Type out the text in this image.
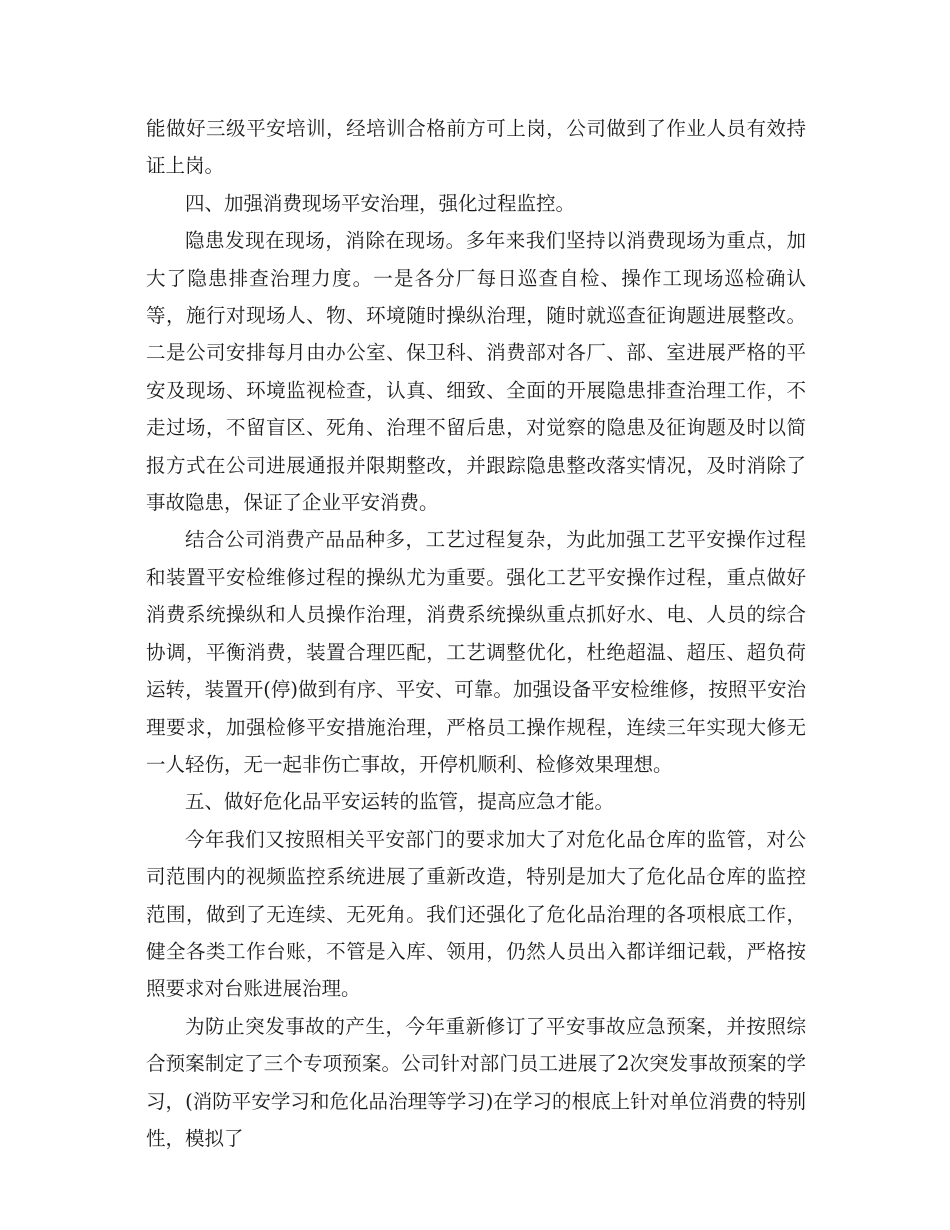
能做好三级平安培训，经培训合格前方可上岗，公司做到了作业人员有效持证上岗。

四、加强消费现场平安治理，强化过程监控。

隐患发现在现场，消除在现场。多年来我们坚持以消费现场为重点，加大了隐患排查治理力度。一是各分厂每日巡查自检、操作工现场巡检确认等，施行对现场人、物、环境随时操纵治理，随时就巡查征询题进展整改。二是公司安排每月由办公室、保卫科、消费部对各厂、部、室进展严格的平安及现场、环境监视检查，认真、细致、全面的开展隐患排查治理工作，不走过场，不留盲区、死角、治理不留后患，对觉察的隐患及征询题及时以简报方式在公司进展通报并限期整改，并跟踪隐患整改落实情况，及时消除了事故隐患，保证了企业平安消费。

结合公司消费产品品种多，工艺过程复杂，为此加强工艺平安操作过程和装置平安检维修过程的操纵尤为重要。强化工艺平安操作过程，重点做好消费系统操纵和人员操作治理，消费系统操纵重点抓好水、电、人员的综合协调，平衡消费，装置合理匹配，工艺调整优化，杜绝超温、超压、超负荷运转，装置开(停)做到有序、平安、可靠。加强设备平安检维修，按照平安治理要求，加强检修平安措施治理，严格员工操作规程，连续三年实现大修无一人轻伤，无一起非伤亡事故，开停机顺利、检修效果理想。

五、做好危化品平安运转的监管，提高应急才能。

今年我们又按照相关平安部门的要求加大了对危化品仓库的监管，对公司范围内的视频监控系统进展了重新改造，特别是加大了危化品仓库的监控范围，做到了无连续、无死角。我们还强化了危化品治理的各项根底工作，健全各类工作台账，不管是入库、领用，仍然人员出入都详细记载，严格按照要求对台账进展治理。

为防止突发事故的产生，今年重新修订了平安事故应急预案，并按照综合预案制定了三个专项预案。公司针对部门员工进展了2次突发事故预案的学习，(消防平安学习和危化品治理等学习)在学习的根底上针对单位消费的特别性，模拟了
